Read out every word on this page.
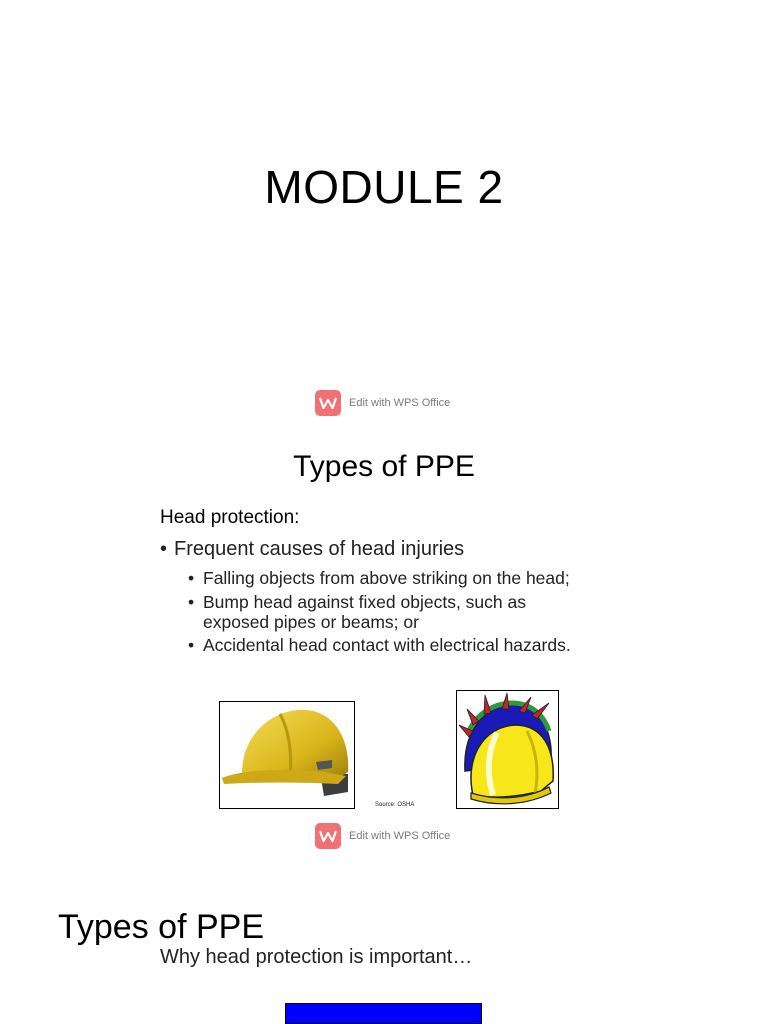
MODULE 2
Edit with WPS Office
Types of PPE
Head protection:
• Frequent causes of head injuries
• Falling objects from above striking on the head;
• Bump head against fixed objects, such as
exposed pipes or beams; or
• Accidental head contact with electrical hazards.
Source: OSHA
Edit with WPS Office
Types of PPE
Why head protection is important…
